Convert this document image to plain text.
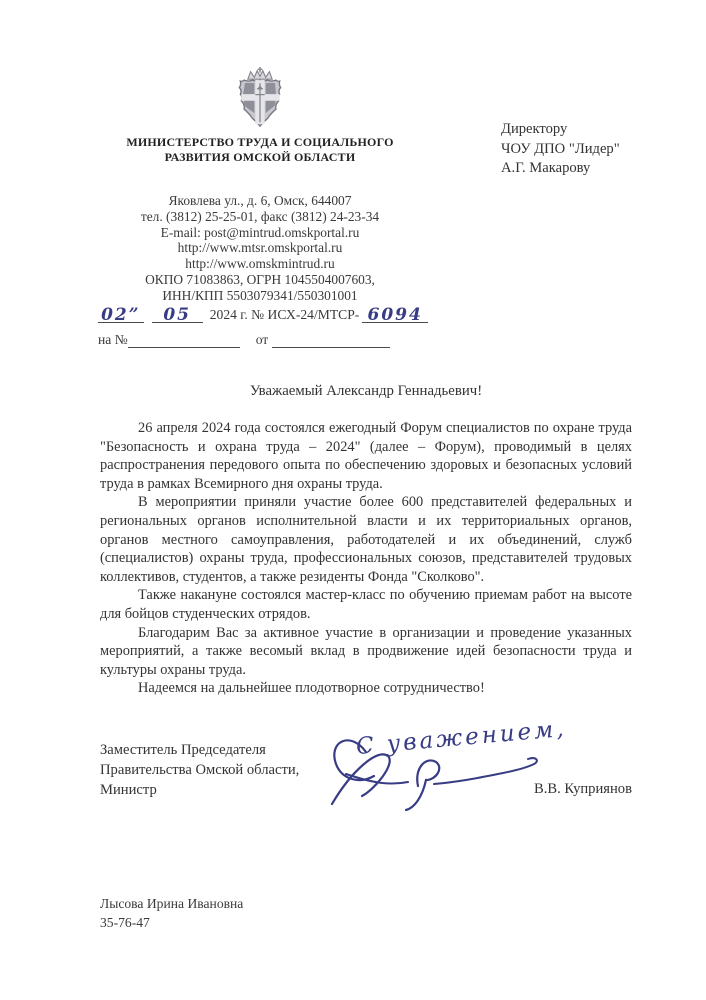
МИНИСТЕРСТВО ТРУДА И СОЦИАЛЬНОГО
РАЗВИТИЯ ОМСКОЙ ОБЛАСТИ
Яковлева ул., д. 6, Омск, 644007
тел. (3812) 25-25-01, факс (3812) 24-23-34
E-mail: post@mintrud.omskportal.ru
http://www.mtsr.omskportal.ru
http://www.omskmintrud.ru
ОКПО 71083863, ОГРН 1045504007603,
ИНН/КПП 5503079341/550301001
02”	05	2024 г. № ИСХ-24/МТСР- 6094
на №	от
Директору
ЧОУ ДПО "Лидер"
А.Г. Макарову
Уважаемый Александр Геннадьевич!

26 апреля 2024 года состоялся ежегодный Форум специалистов по охране труда "Безопасность и охрана труда – 2024" (далее – Форум), проводимый в целях распространения передового опыта по обеспечению здоровых и безопасных условий труда в рамках Всемирного дня охраны труда.

В мероприятии приняли участие более 600 представителей федеральных и региональных органов исполнительной власти и их территориальных органов, органов местного самоуправления, работодателей и их объединений, служб (специалистов) охраны труда, профессиональных союзов, представителей трудовых коллективов, студентов, а также резиденты Фонда "Сколково".

Также накануне состоялся мастер-класс по обучению приемам работ на высоте для бойцов студенческих отрядов.

Благодарим Вас за активное участие в организации и проведение указанных мероприятий, а также весомый вклад в продвижение идей безопасности труда и культуры охраны труда.

Надеемся на дальнейшее плодотворное сотрудничество!

Заместитель Председателя
Правительства Омской области,
Министр
С уважением,
В.В. Куприянов
Лысова Ирина Ивановна
35-76-47
